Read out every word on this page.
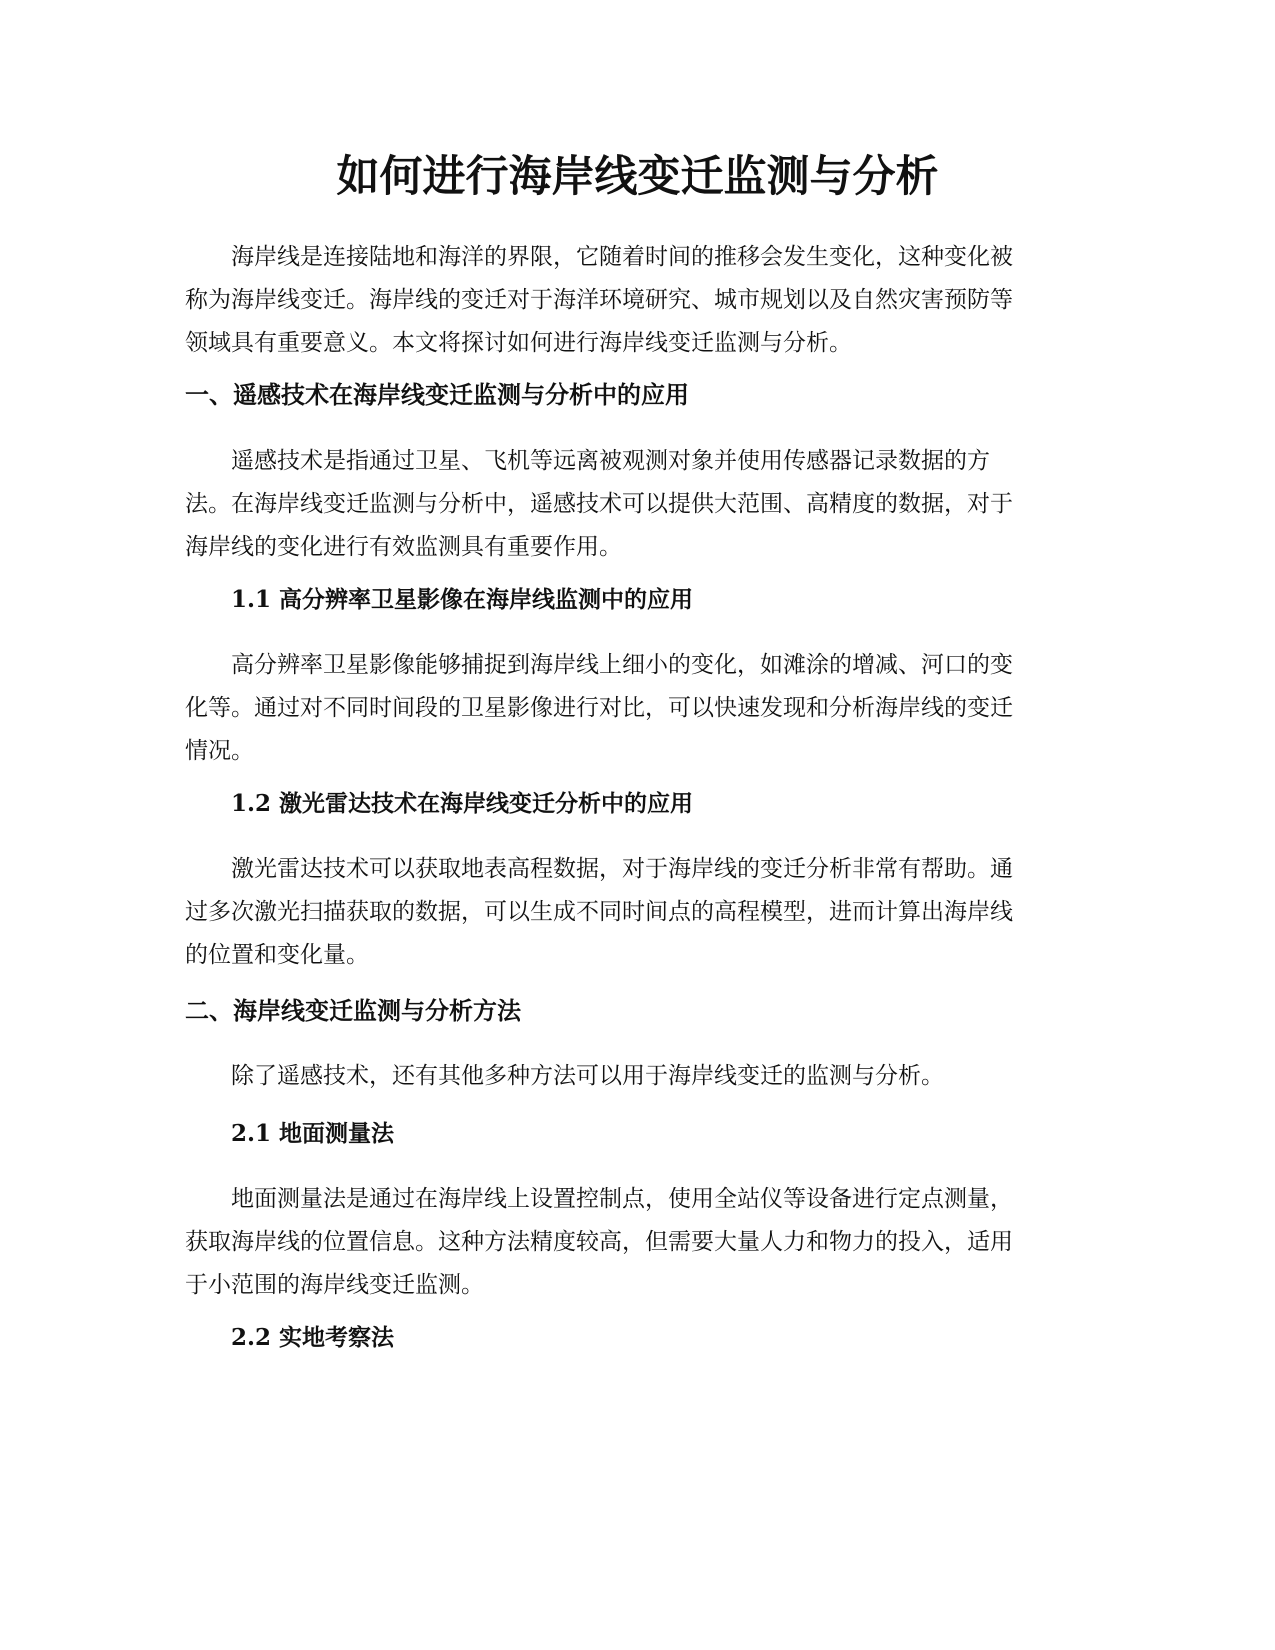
如何进行海岸线变迁监测与分析

海岸线是连接陆地和海洋的界限，它随着时间的推移会发生变化，这种变化被
称为海岸线变迁。海岸线的变迁对于海洋环境研究、城市规划以及自然灾害预防等
领域具有重要意义。本文将探讨如何进行海岸线变迁监测与分析。

一、遥感技术在海岸线变迁监测与分析中的应用

遥感技术是指通过卫星、飞机等远离被观测对象并使用传感器记录数据的方
法。在海岸线变迁监测与分析中，遥感技术可以提供大范围、高精度的数据，对于
海岸线的变化进行有效监测具有重要作用。

1.1 高分辨率卫星影像在海岸线监测中的应用

高分辨率卫星影像能够捕捉到海岸线上细小的变化，如滩涂的增减、河口的变
化等。通过对不同时间段的卫星影像进行对比，可以快速发现和分析海岸线的变迁
情况。

1.2 激光雷达技术在海岸线变迁分析中的应用

激光雷达技术可以获取地表高程数据，对于海岸线的变迁分析非常有帮助。通
过多次激光扫描获取的数据，可以生成不同时间点的高程模型，进而计算出海岸线
的位置和变化量。

二、海岸线变迁监测与分析方法

除了遥感技术，还有其他多种方法可以用于海岸线变迁的监测与分析。

2.1 地面测量法

地面测量法是通过在海岸线上设置控制点，使用全站仪等设备进行定点测量，
获取海岸线的位置信息。这种方法精度较高，但需要大量人力和物力的投入，适用
于小范围的海岸线变迁监测。

2.2 实地考察法
